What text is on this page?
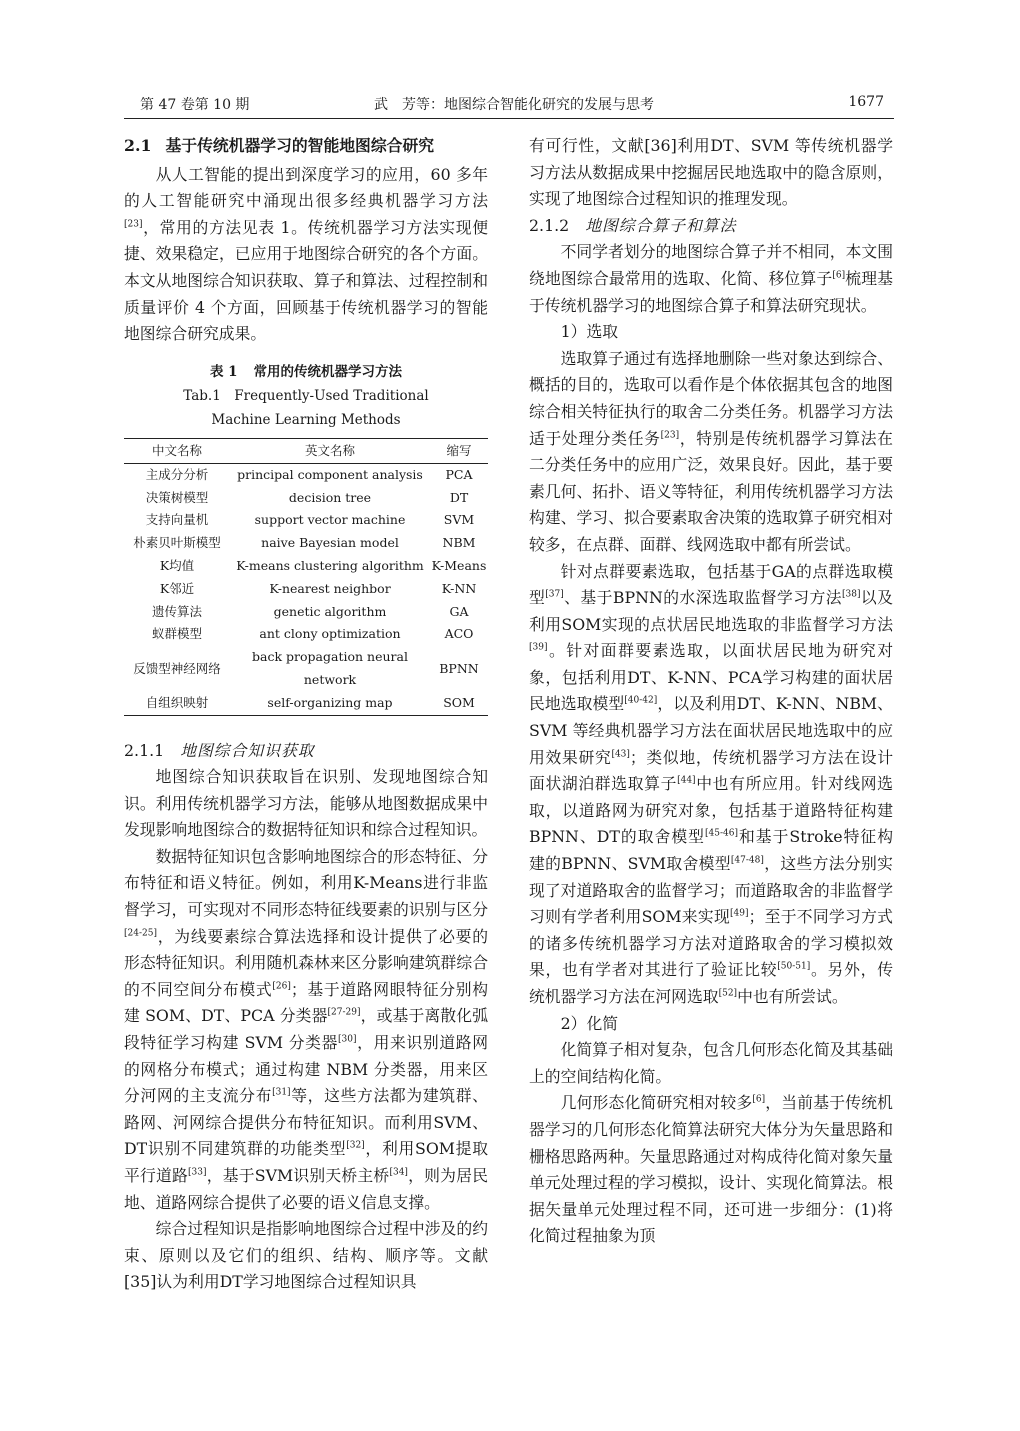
第 47 卷第 10 期	武　芳等：地图综合智能化研究的发展与思考	1677
2.1 基于传统机器学习的智能地图综合研究

从人工智能的提出到深度学习的应用，60 多年的人工智能研究中涌现出很多经典机器学习方法[23]，常用的方法见表 1。传统机器学习方法实现便捷、效果稳定，已应用于地图综合研究的各个方面。本文从地图综合知识获取、算子和算法、过程控制和质量评价 4 个方面，回顾基于传统机器学习的智能地图综合研究成果。

表 1 常用的传统机器学习方法
Tab.1　Frequently-Used Traditional Machine Learning Methods
中文名称	英文名称	缩写
主成分分析	principal component analysis	PCA
决策树模型	decision tree	DT
支持向量机	support vector machine	SVM
朴素贝叶斯模型	naive Bayesian model	NBM
K均值	K-means clustering algorithm	K-Means
K邻近	K-nearest neighbor	K-NN
遗传算法	genetic algorithm	GA
蚁群模型	ant clony optimization	ACO
反馈型神经网络	back propagation neural network	BPNN
自组织映射	self-organizing map	SOM
2.1.1 地图综合知识获取

地图综合知识获取旨在识别、发现地图综合知识。利用传统机器学习方法，能够从地图数据成果中发现影响地图综合的数据特征知识和综合过程知识。

数据特征知识包含影响地图综合的形态特征、分布特征和语义特征。例如，利用K-Means进行非监督学习，可实现对不同形态特征线要素的识别与区分[24-25]，为线要素综合算法选择和设计提供了必要的形态特征知识。利用随机森林来区分影响建筑群综合的不同空间分布模式[26]；基于道路网眼特征分别构建 SOM、DT、PCA 分类器[27-29]，或基于离散化弧段特征学习构建 SVM 分类器[30]，用来识别道路网的网格分布模式；通过构建 NBM 分类器，用来区分河网的主支流分布[31]等，这些方法都为建筑群、路网、河网综合提供分布特征知识。而利用SVM、DT识别不同建筑群的功能类型[32]，利用SOM提取平行道路[33]，基于SVM识别天桥主桥[34]，则为居民地、道路网综合提供了必要的语义信息支撑。

综合过程知识是指影响地图综合过程中涉及的约束、原则以及它们的组织、结构、顺序等。文献[35]认为利用DT学习地图综合过程知识具

有可行性，文献[36]利用DT、SVM 等传统机器学习方法从数据成果中挖掘居民地选取中的隐含原则，实现了地图综合过程知识的推理发现。

2.1.2 地图综合算子和算法

不同学者划分的地图综合算子并不相同，本文围绕地图综合最常用的选取、化简、移位算子[6]梳理基于传统机器学习的地图综合算子和算法研究现状。

1）选取

选取算子通过有选择地删除一些对象达到综合、概括的目的，选取可以看作是个体依据其包含的地图综合相关特征执行的取舍二分类任务。机器学习方法适于处理分类任务[23]，特别是传统机器学习算法在二分类任务中的应用广泛，效果良好。因此，基于要素几何、拓扑、语义等特征，利用传统机器学习方法构建、学习、拟合要素取舍决策的选取算子研究相对较多，在点群、面群、线网选取中都有所尝试。

针对点群要素选取，包括基于GA的点群选取模型[37]、基于BPNN的水深选取监督学习方法[38]以及利用SOM实现的点状居民地选取的非监督学习方法[39]。针对面群要素选取，以面状居民地为研究对象，包括利用DT、K-NN、PCA学习构建的面状居民地选取模型[40-42]，以及利用DT、K-NN、NBM、SVM 等经典机器学习方法在面状居民地选取中的应用效果研究[43]；类似地，传统机器学习方法在设计面状湖泊群选取算子[44]中也有所应用。针对线网选取，以道路网为研究对象，包括基于道路特征构建BPNN、DT的取舍模型[45-46]和基于Stroke特征构建的BPNN、SVM取舍模型[47-48]，这些方法分别实现了对道路取舍的监督学习；而道路取舍的非监督学习则有学者利用SOM来实现[49]；至于不同学习方式的诸多传统机器学习方法对道路取舍的学习模拟效果，也有学者对其进行了验证比较[50-51]。另外，传统机器学习方法在河网选取[52]中也有所尝试。

2）化简

化简算子相对复杂，包含几何形态化简及其基础上的空间结构化简。

几何形态化简研究相对较多[6]，当前基于传统机器学习的几何形态化简算法研究大体分为矢量思路和栅格思路两种。矢量思路通过对构成待化简对象矢量单元处理过程的学习模拟，设计、实现化简算法。根据矢量单元处理过程不同，还可进一步细分：(1)将化简过程抽象为顶
